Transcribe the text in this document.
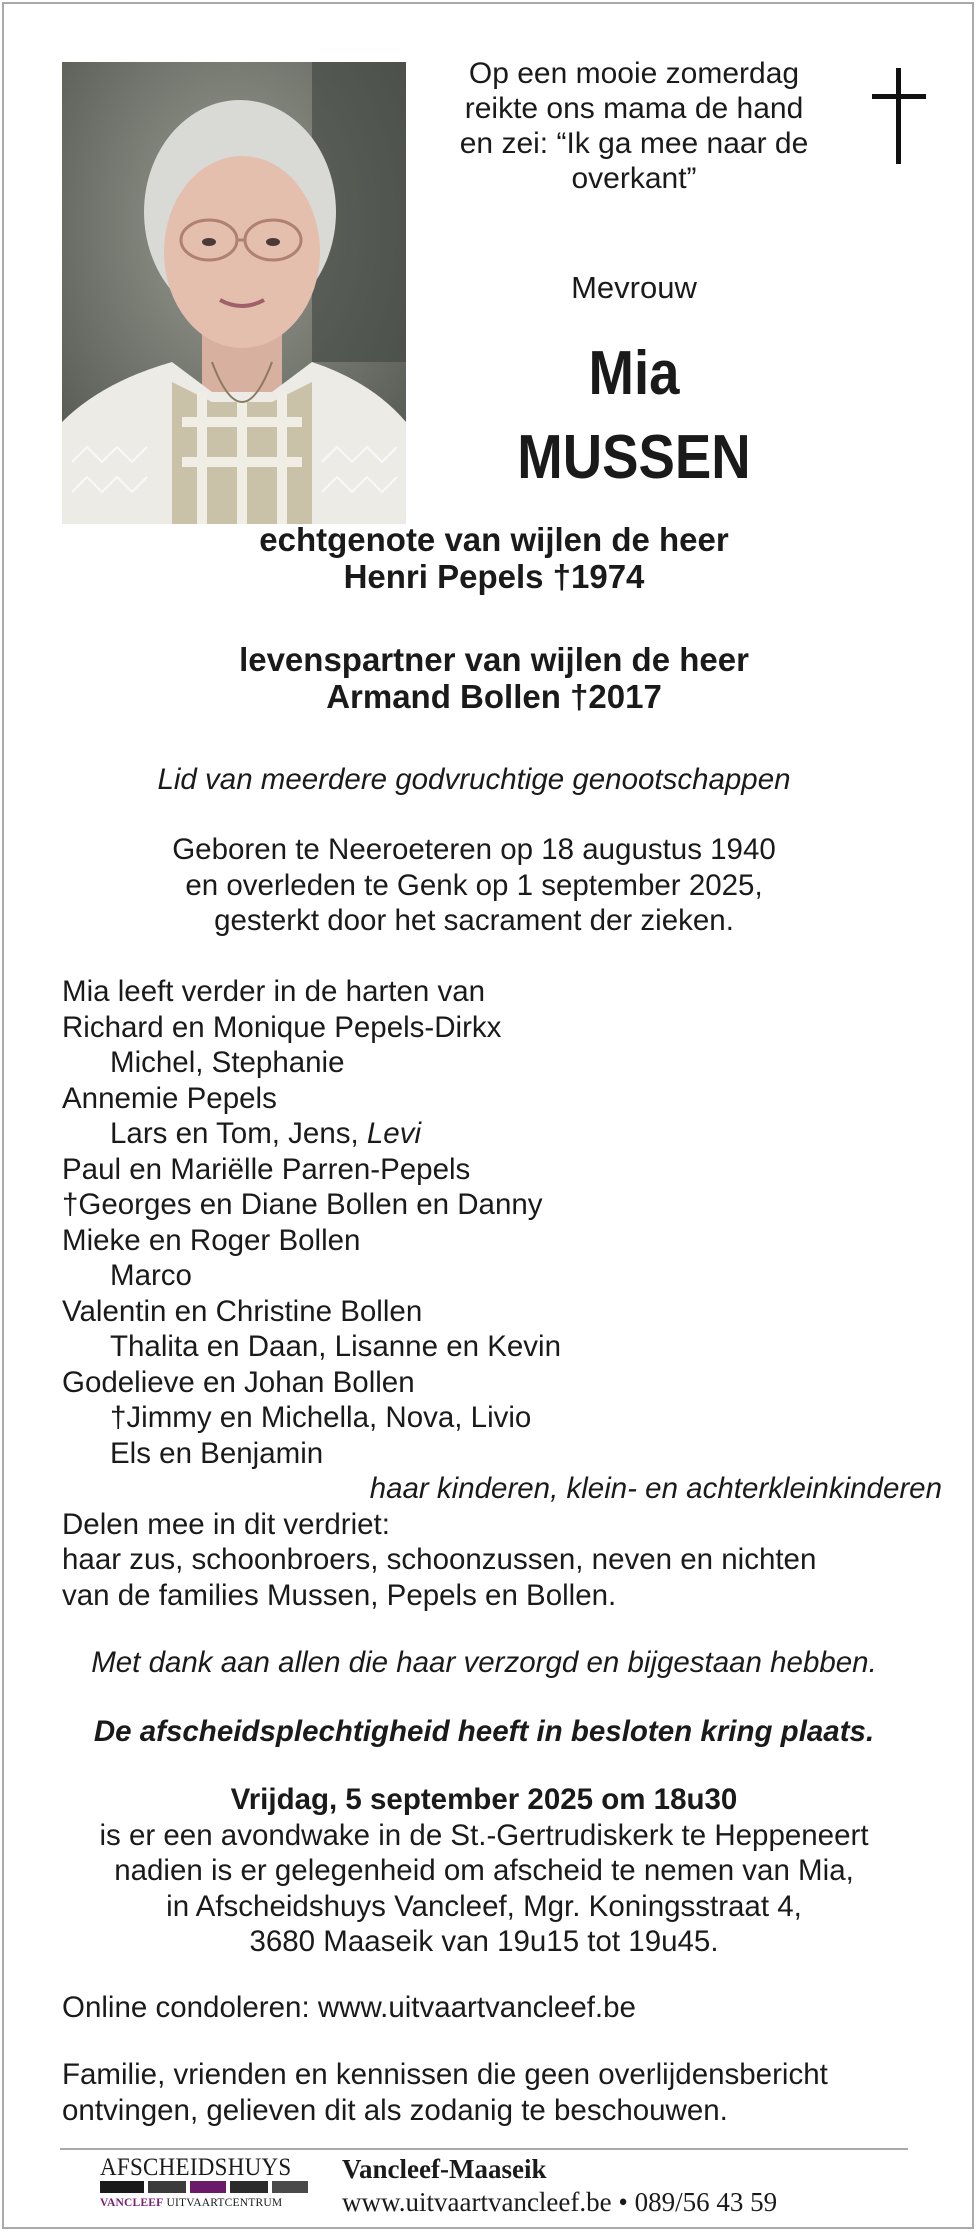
Op een mooie zomerdag
reikte ons mama de hand
en zei: “Ik ga mee naar de
overkant”
Mevrouw
Mia
MUSSEN
echtgenote van wijlen de heer
Henri Pepels †1974
levenspartner van wijlen de heer
Armand Bollen †2017
Lid van meerdere godvruchtige genootschappen
Geboren te Neeroeteren op 18 augustus 1940
en overleden te Genk op 1 september 2025,
gesterkt door het sacrament der zieken.
Mia leeft verder in de harten van
Richard en Monique Pepels-Dirkx
Michel, Stephanie
Annemie Pepels
Lars en Tom, Jens, Levi
Paul en Mariëlle Parren-Pepels
†Georges en Diane Bollen en Danny
Mieke en Roger Bollen
Marco
Valentin en Christine Bollen
Thalita en Daan, Lisanne en Kevin
Godelieve en Johan Bollen
†Jimmy en Michella, Nova, Livio
Els en Benjamin
haar kinderen, klein- en achterkleinkinderen
Delen mee in dit verdriet:
haar zus, schoonbroers, schoonzussen, neven en nichten
van de families Mussen, Pepels en Bollen.
Met dank aan allen die haar verzorgd en bijgestaan hebben.
De afscheidsplechtigheid heeft in besloten kring plaats.
Vrijdag, 5 september 2025 om 18u30
is er een avondwake in de St.-Gertrudiskerk te Heppeneert
nadien is er gelegenheid om afscheid te nemen van Mia,
in Afscheidshuys Vancleef, Mgr. Koningsstraat 4,
3680 Maaseik van 19u15 tot 19u45.
Online condoleren: www.uitvaartvancleef.be
Familie, vrienden en kennissen die geen overlijdensbericht
ontvingen, gelieven dit als zodanig te beschouwen.
AFSCHEIDSHUYS
VANCLEEF UITVAARTCENTRUM
Vancleef-Maaseik
www.uitvaartvancleef.be • 089/56 43 59
